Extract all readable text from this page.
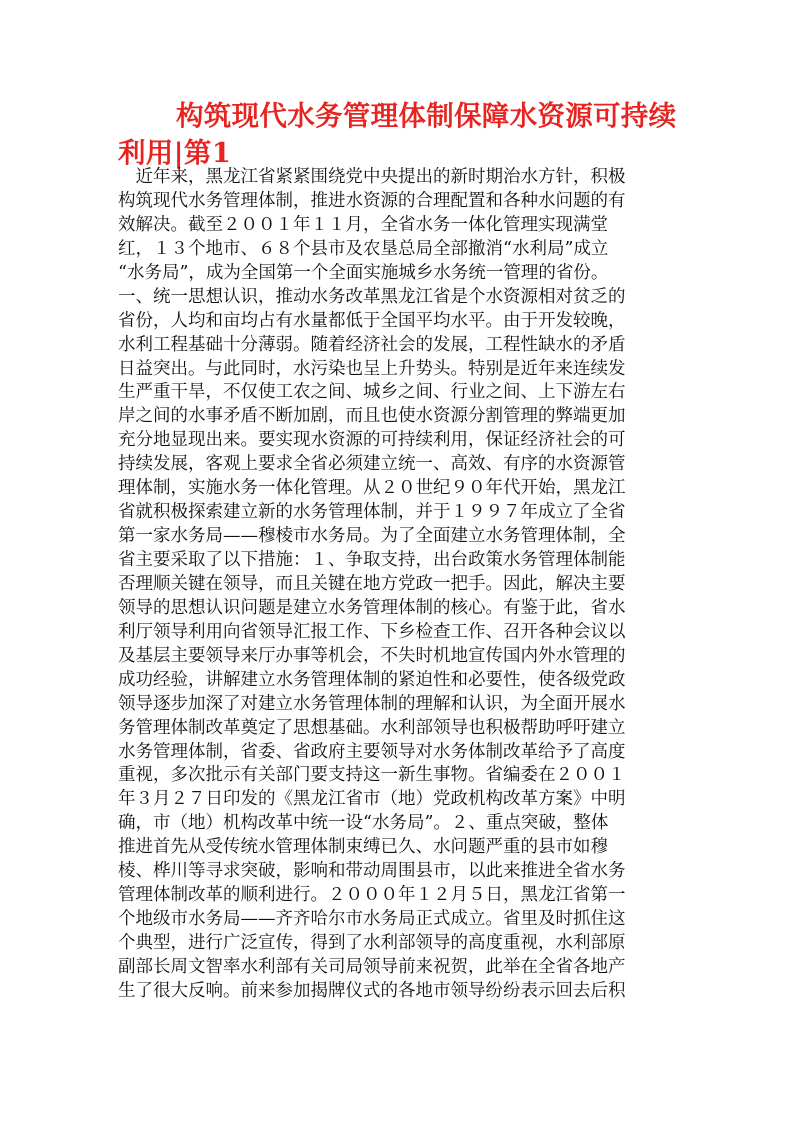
构筑现代水务管理体制保障水资源可持续利用|第1
　近年来，黑龙江省紧紧围绕党中央提出的新时期治水方针，积极
构筑现代水务管理体制，推进水资源的合理配置和各种水问题的有
效解决。截至２００１年１１月，全省水务一体化管理实现满堂
红，１３个地市、６８个县市及农垦总局全部撤消“水利局”成立
“水务局”，成为全国第一个全面实施城乡水务统一管理的省份。
一、统一思想认识，推动水务改革黑龙江省是个水资源相对贫乏的
省份，人均和亩均占有水量都低于全国平均水平。由于开发较晚，
水利工程基础十分薄弱。随着经济社会的发展，工程性缺水的矛盾
日益突出。与此同时，水污染也呈上升势头。特别是近年来连续发
生严重干旱，不仅使工农之间、城乡之间、行业之间、上下游左右
岸之间的水事矛盾不断加剧，而且也使水资源分割管理的弊端更加
充分地显现出来。要实现水资源的可持续利用，保证经济社会的可
持续发展，客观上要求全省必须建立统一、高效、有序的水资源管
理体制，实施水务一体化管理。从２０世纪９０年代开始，黑龙江
省就积极探索建立新的水务管理体制，并于１９９７年成立了全省
第一家水务局——穆棱市水务局。为了全面建立水务管理体制，全
省主要采取了以下措施：１、争取支持，出台政策水务管理体制能
否理顺关键在领导，而且关键在地方党政一把手。因此，解决主要
领导的思想认识问题是建立水务管理体制的核心。有鉴于此，省水
利厅领导利用向省领导汇报工作、下乡检查工作、召开各种会议以
及基层主要领导来厅办事等机会，不失时机地宣传国内外水管理的
成功经验，讲解建立水务管理体制的紧迫性和必要性，使各级党政
领导逐步加深了对建立水务管理体制的理解和认识，为全面开展水
务管理体制改革奠定了思想基础。水利部领导也积极帮助呼吁建立
水务管理体制，省委、省政府主要领导对水务体制改革给予了高度
重视，多次批示有关部门要支持这一新生事物。省编委在２００１
年３月２７日印发的《黑龙江省市（地）党政机构改革方案》中明
确，市（地）机构改革中统一设“水务局”。２、重点突破，整体
推进首先从受传统水管理体制束缚已久、水问题严重的县市如穆
棱、桦川等寻求突破，影响和带动周围县市，以此来推进全省水务
管理体制改革的顺利进行。２０００年１２月５日，黑龙江省第一
个地级市水务局——齐齐哈尔市水务局正式成立。省里及时抓住这
个典型，进行广泛宣传，得到了水利部领导的高度重视，水利部原
副部长周文智率水利部有关司局领导前来祝贺，此举在全省各地产
生了很大反响。前来参加揭牌仪式的各地市领导纷纷表示回去后积
